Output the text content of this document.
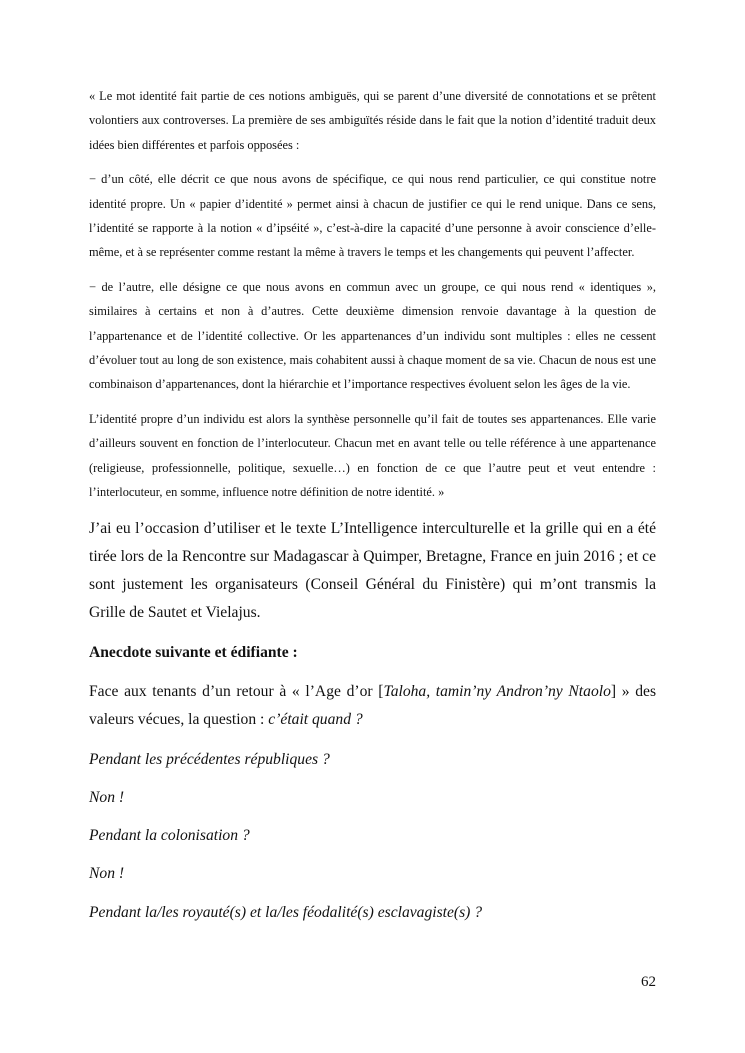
« Le mot identité fait partie de ces notions ambiguës, qui se parent d’une diversité de connotations et se prêtent volontiers aux controverses. La première de ses ambiguïtés réside dans le fait que la notion d’identité traduit deux idées bien différentes et parfois opposées :

− d’un côté, elle décrit ce que nous avons de spécifique, ce qui nous rend particulier, ce qui constitue notre identité propre. Un « papier d’identité » permet ainsi à chacun de justifier ce qui le rend unique. Dans ce sens, l’identité se rapporte à la notion « d’ipséité », c’est-à-dire la capacité d’une personne à avoir conscience d’elle-même, et à se représenter comme restant la même à travers le temps et les changements qui peuvent l’affecter.

− de l’autre, elle désigne ce que nous avons en commun avec un groupe, ce qui nous rend « identiques », similaires à certains et non à d’autres. Cette deuxième dimension renvoie davantage à la question de l’appartenance et de l’identité collective. Or les appartenances d’un individu sont multiples : elles ne cessent d’évoluer tout au long de son existence, mais cohabitent aussi à chaque moment de sa vie. Chacun de nous est une combinaison d’appartenances, dont la hiérarchie et l’importance respectives évoluent selon les âges de la vie.

L’identité propre d’un individu est alors la synthèse personnelle qu’il fait de toutes ses appartenances. Elle varie d’ailleurs souvent en fonction de l’interlocuteur. Chacun met en avant telle ou telle référence à une appartenance (religieuse, professionnelle, politique, sexuelle…) en fonction de ce que l’autre peut et veut entendre : l’interlocuteur, en somme, influence notre définition de notre identité. »

J’ai eu l’occasion d’utiliser et le texte L’Intelligence interculturelle et la grille qui en a été tirée lors de la Rencontre sur Madagascar à Quimper, Bretagne, France en juin 2016 ; et ce sont justement les organisateurs (Conseil Général du Finistère) qui m’ont transmis la Grille de Sautet et Vielajus.

Anecdote suivante et édifiante :

Face aux tenants d’un retour à « l’Age d’or [Taloha, tamin’ny Andron’ny Ntaolo] » des valeurs vécues, la question : c’était quand ?

Pendant les précédentes républiques ?

Non !

Pendant la colonisation ?

Non !

Pendant la/les royauté(s) et la/les féodalité(s) esclavagiste(s) ?

62
